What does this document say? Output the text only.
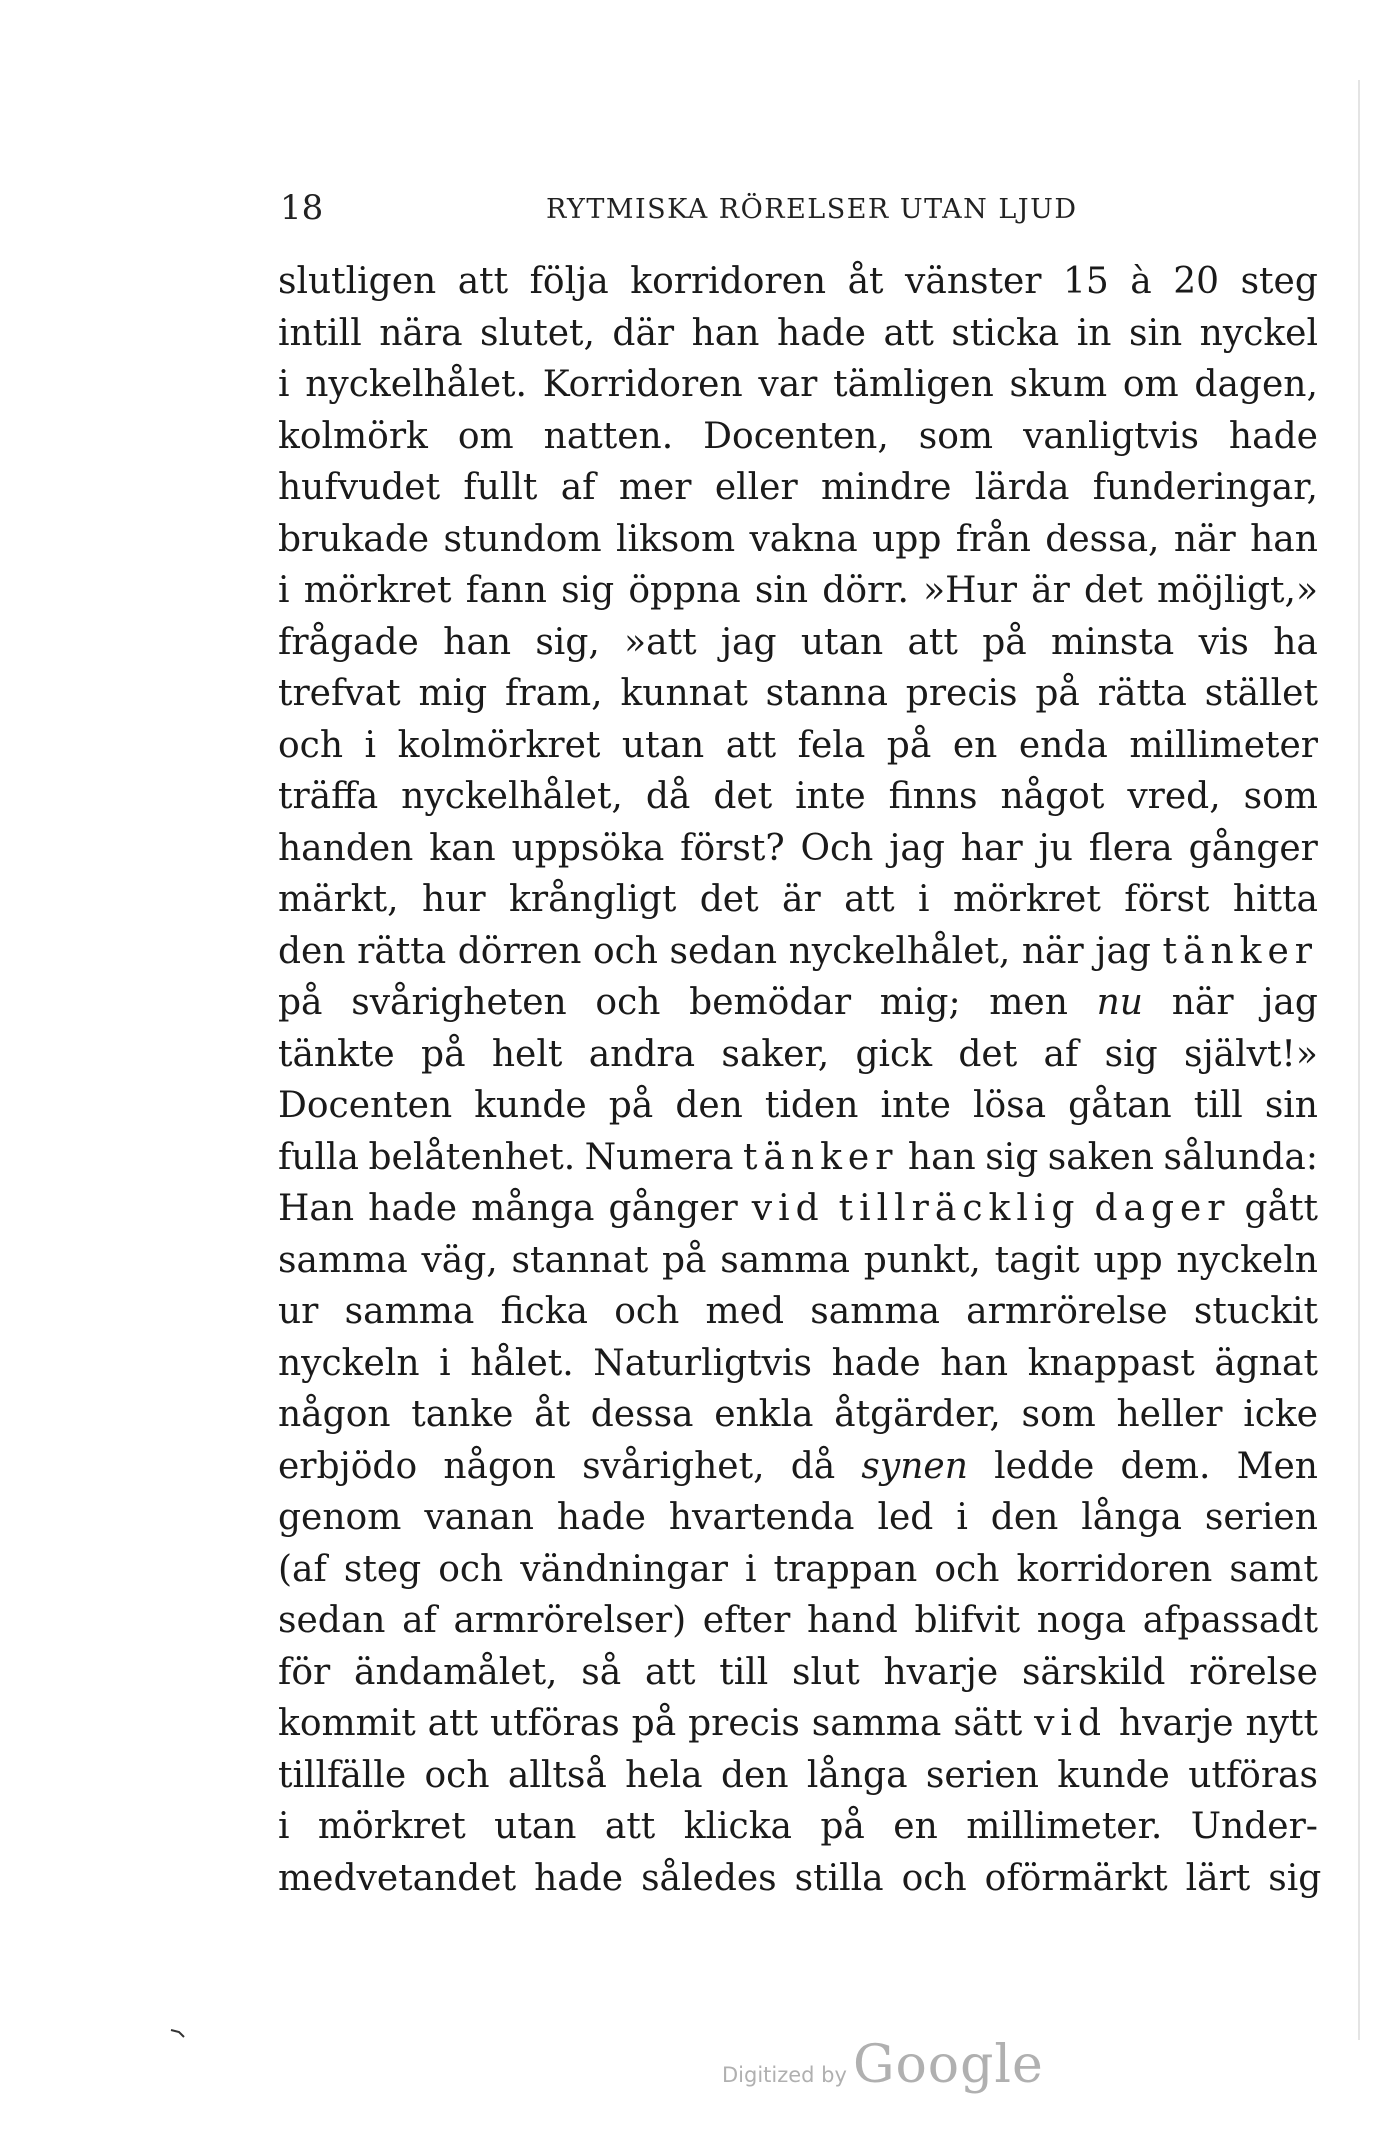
18	RYTMISKA RÖRELSER UTAN LJUD
slutligen att följa korridoren åt vänster 15 à 20 steg
intill nära slutet, där han hade att sticka in sin nyckel
i nyckelhålet. Korridoren var tämligen skum om dagen,
kolmörk om natten. Docenten, som vanligtvis hade
hufvudet fullt af mer eller mindre lärda funderingar,
brukade stundom liksom vakna upp från dessa, när han
i mörkret fann sig öppna sin dörr. »Hur är det möjligt,»
frågade han sig, »att jag utan att på minsta vis ha
trefvat mig fram, kunnat stanna precis på rätta stället
och i kolmörkret utan att fela på en enda millimeter
träffa nyckelhålet, då det inte finns något vred, som
handen kan uppsöka först? Och jag har ju flera gånger
märkt, hur krångligt det är att i mörkret först hitta
den rätta dörren och sedan nyckelhålet, när jag tänker
på svårigheten och bemödar mig; men nu när jag
tänkte på helt andra saker, gick det af sig självt!»
Docenten kunde på den tiden inte lösa gåtan till sin
fulla belåtenhet. Numera tänker han sig saken sålunda:
Han hade många gånger vid tillräcklig dager gått
samma väg, stannat på samma punkt, tagit upp nyckeln
ur samma ficka och med samma armrörelse stuckit
nyckeln i hålet. Naturligtvis hade han knappast ägnat
någon tanke åt dessa enkla åtgärder, som heller icke
erbjödo någon svårighet, då synen ledde dem. Men
genom vanan hade hvartenda led i den långa serien
(af steg och vändningar i trappan och korridoren samt
sedan af armrörelser) efter hand blifvit noga afpassadt
för ändamålet, så att till slut hvarje särskild rörelse
kommit att utföras på precis samma sätt vid hvarje nytt
tillfälle och alltså hela den långa serien kunde utföras
i mörkret utan att klicka på en millimeter. Under-
medvetandet
  hade
  således
  stilla
  och
  oförmärkt
  lärt
  sig
Digitized by Google
